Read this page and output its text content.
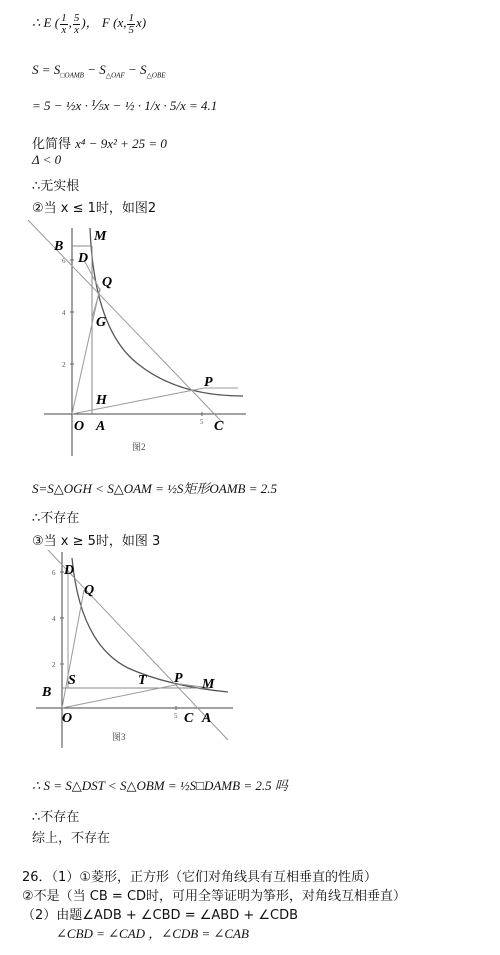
∴ E ( $\frac{1}{x}$ , $\frac{5}{x}$ )， F (x, $\frac{1}{5} x$)
$S = S_{□OAMB} - S_{\triangle OAF} - S_{\triangle OBE}$
= 5 − ½x · ⅕x − ½ · 1/x · 5/x = 4.1
化简得 x⁴ − 9x² + 25 = 0
Δ < 0
∴无实根
②当 x ≤ 1时，如图2
6
4
2
5
B
M
D
Q
G
H
P
O A	C
图2
S=S△OGH < S△OAM = ½S矩形OAMB = 2.5
∴不存在
③当 x ≥ 5时，如图 3
6
4
2
5
D
Q
S	T P M
B
O	C A
图3
∴ S = S△DST < S△OBM = ½S□DAMB = 2.5 吗
∴不存在
综上，不存在
26．（1）①菱形，正方形（它们对角线具有互相垂直的性质）
②不是（当 CB = CD时，可用全等证明为筝形，对角线互相垂直）
（2）由题∠ADB + ∠CBD = ∠ABD + ∠CDB
∠CBD = ∠CAD ，∠CDB = ∠CAB
